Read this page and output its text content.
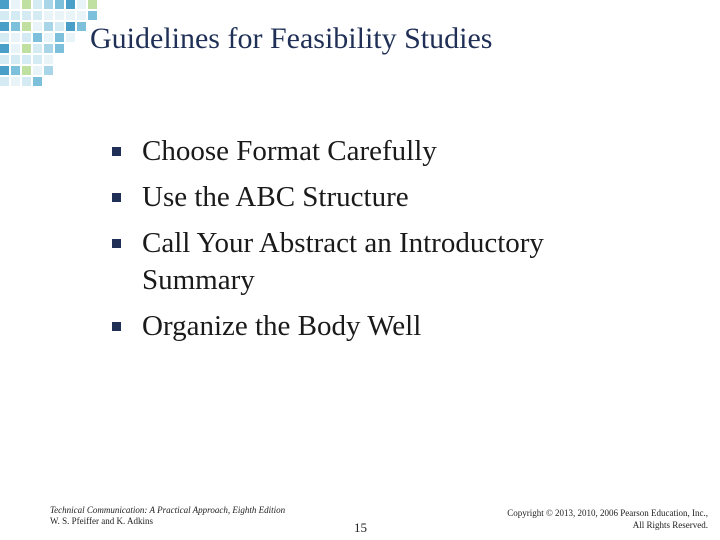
Guidelines for Feasibility Studies
Choose Format Carefully
Use the ABC Structure
Call Your Abstract an Introductory Summary
Organize the Body Well
Technical Communication: A Practical Approach, Eighth Edition
W. S. Pfeiffer and K. Adkins	15
Copyright © 2013, 2010, 2006 Pearson Education, Inc.,
All Rights Reserved.
